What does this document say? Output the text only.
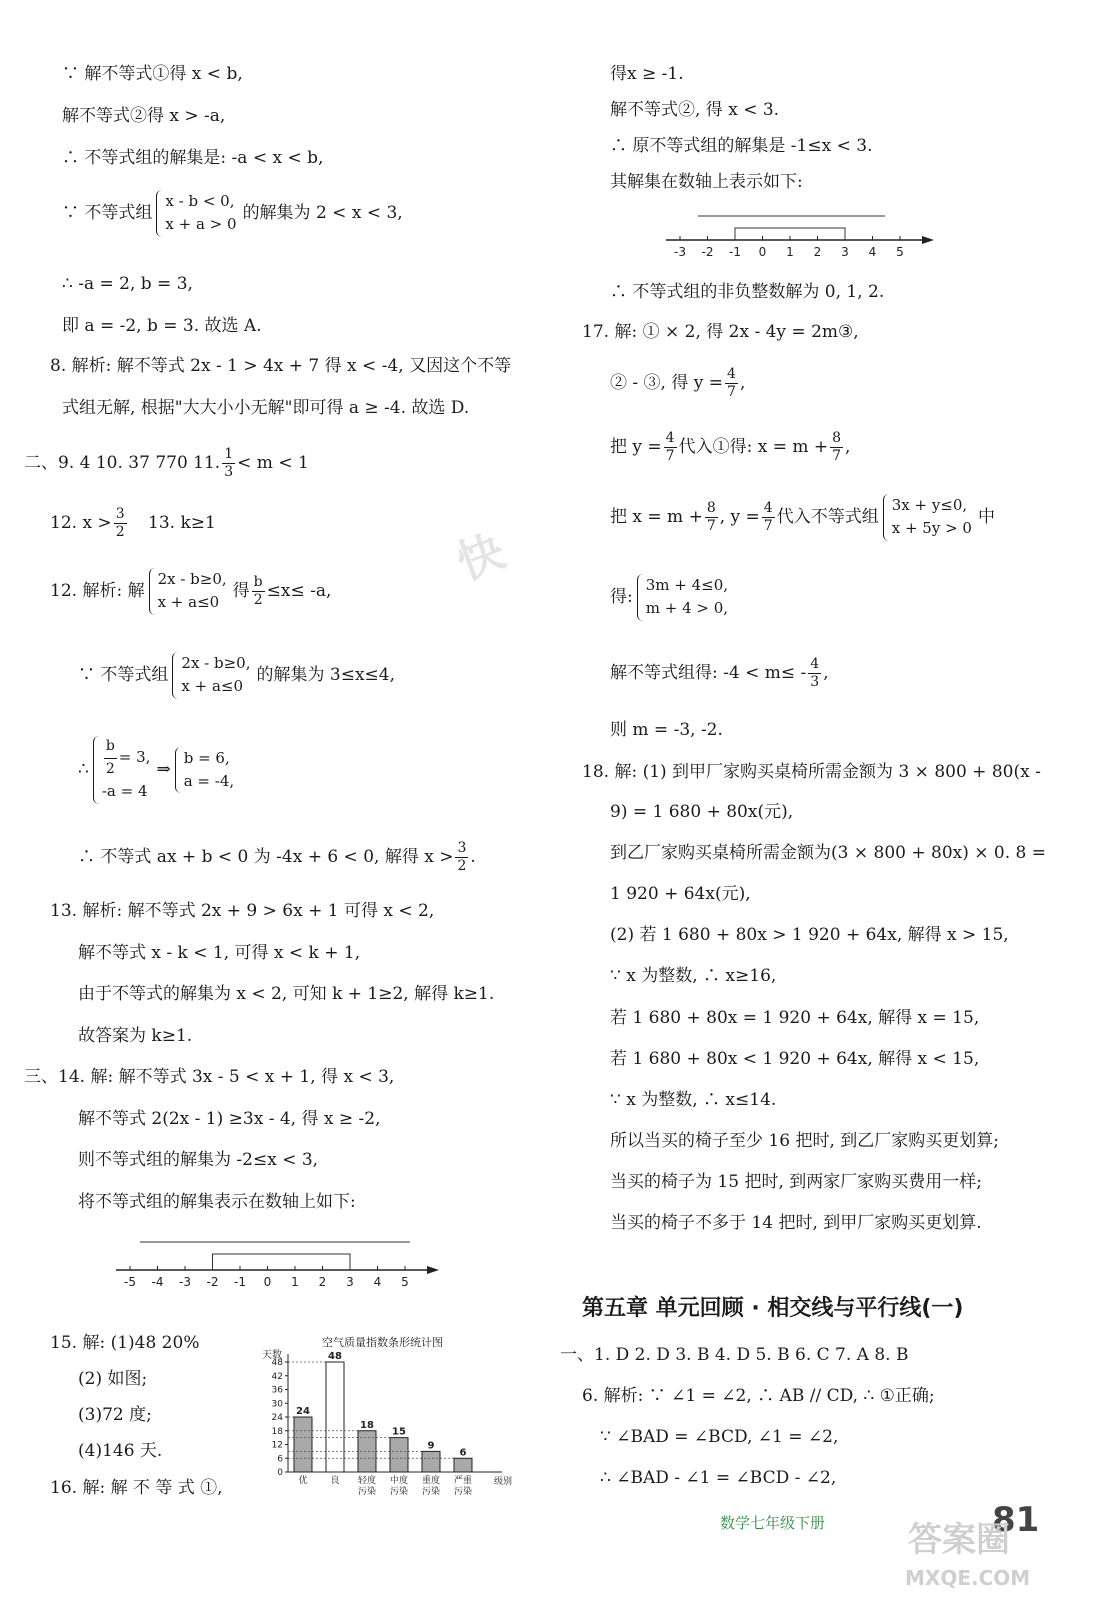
∵ 解不等式①得 x < b,
解不等式②得 x > -a,
∴ 不等式组的解集是: -a < x < b,
∵ 不等式组
x - b < 0,
x + a > 0
的解集为 2 < x < 3,
∴ -a = 2, b = 3,
即 a = -2, b = 3. 故选 A.
8. 解析: 解不等式 2x - 1 > 4x + 7 得 x < -4, 又因这个不等
式组无解, 根据"大大小小无解"即可得 a ≥ -4. 故选 D.
二、9. 4 10. 37 770 11. $\frac{1}{3} < m < 1$
12. $x > \frac{3}{2} 13$. k≥1
12. 解析: 解
2x - b≥0,
x + a≤0
得 $\frac{b}{2} \le x\le -a$,
∵ 不等式组
2x - b≥0,
x + a≤0
的解集为 3≤x≤4,
∴ $\frac{b}{2} = 3$,
-a = 4
⇒
b = 6,
a = -4,
∴ 不等式 ax + b < 0 为 -4x + 6 < 0, 解得 $x > \frac{3}{2}$ .
13. 解析: 解不等式 2x + 9 > 6x + 1 可得 x < 2,
解不等式 x - k < 1, 可得 x < k + 1,
由于不等式的解集为 x < 2, 可知 k + 1≥2, 解得 k≥1.
故答案为 k≥1.
三、14. 解: 解不等式 3x - 5 < x + 1, 得 x < 3,
解不等式 2(2x - 1) ≥3x - 4, 得 x ≥ -2,
则不等式组的解集为 -2≤x < 3,
将不等式组的解集表示在数轴上如下:
-5 -4 -3 -2 -1 0 1 2 3 4 5
15. 解: (1)48 20%
(2) 如图;
(3)72 度;
(4)146 天.
16. 解: 解 不 等 式 ①,
空气质量指数条形统计图
天数
0
6
12
18
24
30
36
42
48
级别
24
优
48
良
18
轻度
污染
15
中度
污染
9
重度
污染
6
严重
污染
得x ≥ -1.
解不等式②, 得 x < 3.
∴ 原不等式组的解集是 -1≤x < 3.
其解集在数轴上表示如下:
-3 -2 -1 0 1 2 3 4 5
∴ 不等式组的非负整数解为 0, 1, 2.
17. 解: ① × 2, 得 2x - 4y = 2m③,
② - ③, 得 $y = \frac{4}{7}$ ,
把 $y = \frac{4}{7}$ 代入①得: $x = m + \frac{8}{7}$ ,
把 $x = m + \frac{8}{7}$ , $y = \frac{4}{7}$ 代入不等式组
3x + y≤0,
x + 5y > 0
中
得:
3m + 4≤0,
m + 4 > 0,
解不等式组得: $-4 < m\le - \frac{4}{3}$ ,
则 m = -3, -2.
18. 解: (1) 到甲厂家购买桌椅所需金额为 3 × 800 + 80(x -
9) = 1 680 + 80x(元),
到乙厂家购买桌椅所需金额为(3 × 800 + 80x) × 0. 8 =
1 920 + 64x(元),
(2) 若 1 680 + 80x > 1 920 + 64x, 解得 x > 15,
∵ x 为整数, ∴ x≥16,
若 1 680 + 80x = 1 920 + 64x, 解得 x = 15,
若 1 680 + 80x < 1 920 + 64x, 解得 x < 15,
∵ x 为整数, ∴ x≤14.
所以当买的椅子至少 16 把时, 到乙厂家购买更划算;
当买的椅子为 15 把时, 到两家厂家购买费用一样;
当买的椅子不多于 14 把时, 到甲厂家购买更划算.
第五章 单元回顾 · 相交线与平行线(一)
一、1. D 2. D 3. B 4. D 5. B 6. C 7. A 8. B
6. 解析: ∵ ∠1 = ∠2, ∴ AB // CD, ∴ ①正确;
∵ ∠BAD = ∠BCD, ∠1 = ∠2,
∴ ∠BAD - ∠1 = ∠BCD - ∠2,
数学七年级下册	81
快
答案圈
MXQE.COM
